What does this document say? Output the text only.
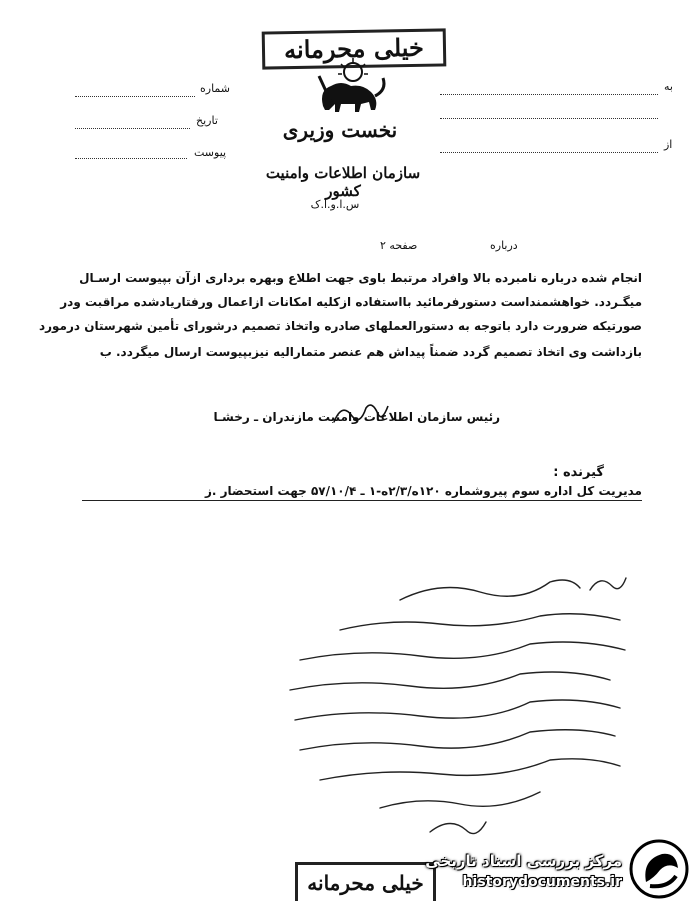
خیلی محرمانه
نخست وزیری
سازمان اطلاعات وامنیت کشور
س.ا.و.ا.ک
شماره
تاریخ
پیوست
به
از
درباره
صفحه ۲
انجام شده درباره نامبرده بالا وافراد مرتبط باوی جهت اطلاع وبهره برداری ازآن بپیوست ارسـال
میگـردد. خواهشمنداست دستورفرمائید بااستفاده ازکلیه امکانات ازاعمال ورفتاریادشده مراقبت ودر
صورتیکه ضرورت دارد باتوجه به دستورالعملهای صادره واتخاذ تصمیم درشورای تأمین شهرستان درمورد
بازداشت وی اتخاذ تصمیم گردد ضمناً پیداش هم عنصر متمارالیه نیزبپیوست ارسال میگردد. ب
رئیس سازمان اطلاعات وامنیت مازندران ـ رخشـا
گیرنده :
مدیریت کل اداره سوم پیروشماره ۱۲۰ه/۲/۳ه-۱ ـ ۵۷/۱۰/۴ جهت استحضار .ز
خیلی محرمانه
مرکز بررسی اسناد تاریخی
historydocuments.ir
